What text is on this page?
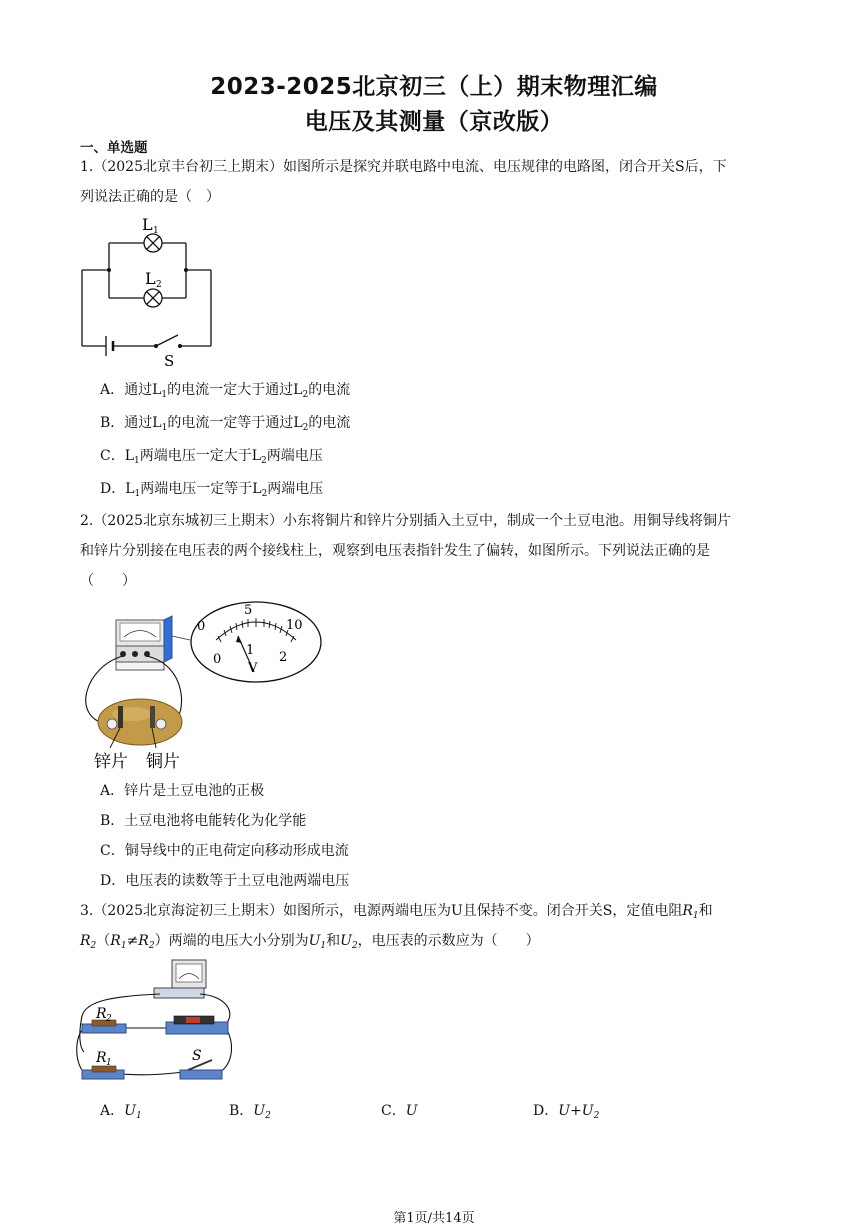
2023-2025北京初三（上）期末物理汇编
电压及其测量（京改版）
一、单选题
1.（2025北京丰台初三上期末）如图所示是探究并联电路中电流、电压规律的电路图，闭合开关S后，下
列说法正确的是（　）
L 1
L 2
S
A．通过$L_1$的电流一定大于通过$L_2$的电流
B．通过$L_1$的电流一定等于通过$L_2$的电流
C．$L_1$两端电压一定大于$L_2$两端电压
D．$L_1$两端电压一定等于$L_2$两端电压
2.（2025北京东城初三上期末）小东将铜片和锌片分别插入土豆中，制成一个土豆电池。用铜导线将铜片
和锌片分别接在电压表的两个接线柱上，观察到电压表指针发生了偏转，如图所示。下列说法正确的是
（　　）
0
5
10
0
1 2
V
锌片 铜片
A．锌片是土豆电池的正极
B．土豆电池将电能转化为化学能
C．铜导线中的正电荷定向移动形成电流
D．电压表的读数等于土豆电池两端电压
3.（2025北京海淀初三上期末）如图所示，电源两端电压为U且保持不变。闭合开关S，定值电阻$R_1$和
$R_2(R_1\ne R_2)$两端的电压大小分别为$U_1$和$U_2$，电压表的示数应为（　　）
R 2
R 1	S
A．$U_1$	B．$U_2$	C．U	D．$U+U_2$
第1页/共14页
